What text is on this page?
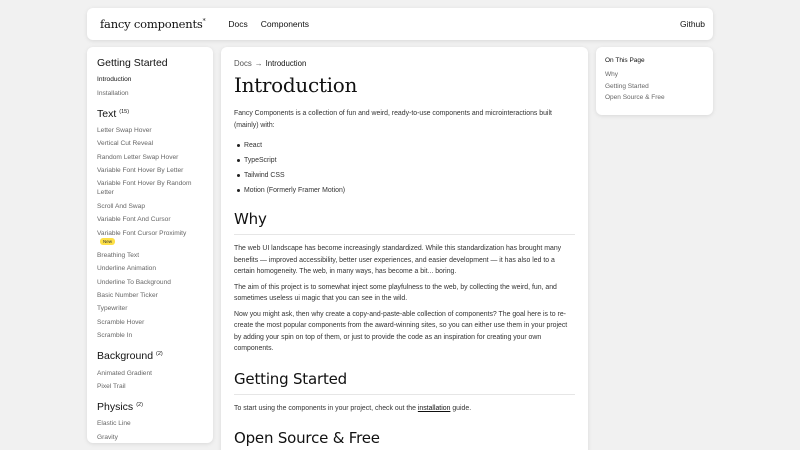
fancy components*	Docs Components	Github
Getting Started
Introduction
Installation
Text (15)
Letter Swap Hover
Vertical Cut Reveal
Random Letter Swap Hover
Variable Font Hover By Letter
Variable Font Hover By Random Letter
Scroll And Swap
Variable Font And Cursor
Variable Font Cursor ProximityNew
Breathing Text
Underline Animation
Underline To Background
Basic Number Ticker
Typewriter
Scramble Hover
Scramble In
Background (2)
Animated Gradient
Pixel Trail
Physics (2)
Elastic Line
Gravity
Docs → Introduction
Introduction

Fancy Components is a collection of fun and weird, ready-to-use components and microinteractions built (mainly) with:

React
TypeScript
Tailwind CSS
Motion (Formerly Framer Motion)
Why

The web UI landscape has become increasingly standardized. While this standardization has brought many benefits — improved accessibility, better user experiences, and easier development — it has also led to a certain homogeneity. The web, in many ways, has become a bit... boring.

The aim of this project is to somewhat inject some playfulness to the web, by collecting the weird, fun, and sometimes useless ui magic that you can see in the wild.

Now you might ask, then why create a copy-and-paste-able collection of components? The goal here is to re-create the most popular components from the award-winning sites, so you can either use them in your project by adding your spin on top of them, or just to provide the code as an inspiration for creating your own components.

Getting Started

To start using the components in your project, check out the installation guide.

Open Source & Free
On This Page
Why
Getting Started
Open Source & Free
